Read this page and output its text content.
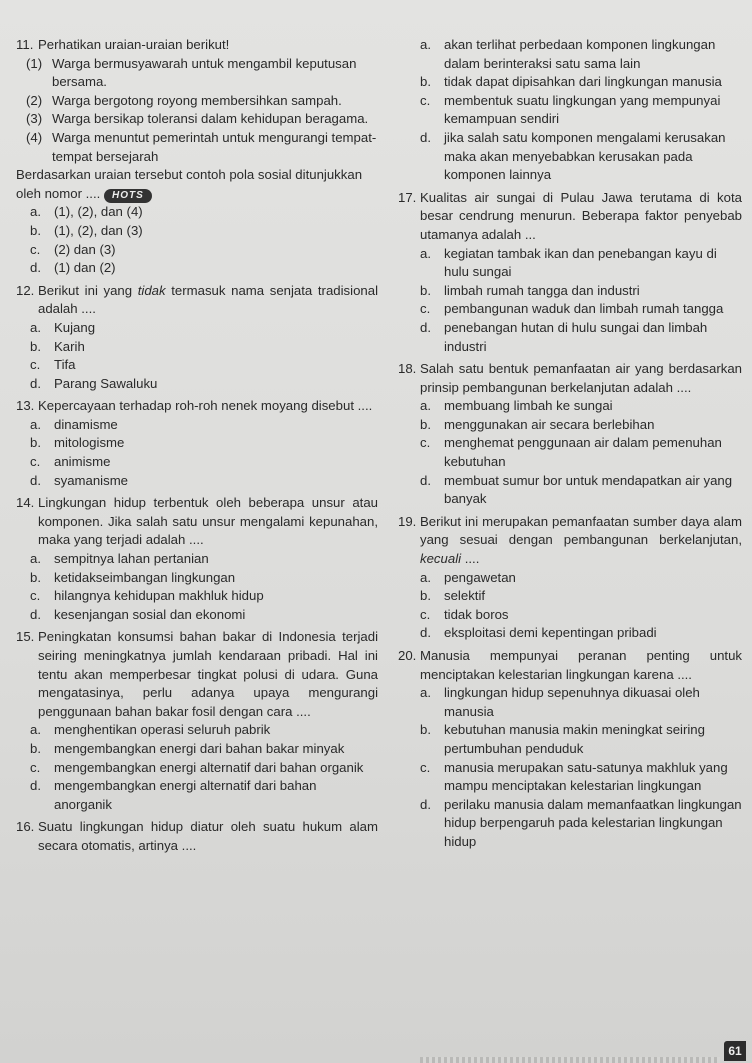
11. Perhatikan uraian-uraian berikut!
(1) Warga bermusyawarah untuk mengambil keputusan bersama.
(2) Warga bergotong royong membersihkan sampah.
(3) Warga bersikap toleransi dalam kehidupan beragama.
(4) Warga menuntut pemerintah untuk mengurangi tempat-tempat bersejarah
Berdasarkan uraian tersebut contoh pola sosial ditunjukkan oleh nomor .... HOTS
a. (1), (2), dan (4)
b. (1), (2), dan (3)
c.	(2) dan (3)
d. (1) dan (2)
12. Berikut ini yang tidak termasuk nama senjata tradisional adalah ....
a. Kujang
b. Karih
c.	Tifa
d. Parang Sawaluku
13. Kepercayaan terhadap roh-roh nenek moyang disebut ....
a. dinamisme
b. mitologisme
c.	animisme
d. syamanisme
14. Lingkungan hidup terbentuk oleh beberapa unsur atau komponen. Jika salah satu unsur mengalami kepunahan, maka yang terjadi adalah ....
a. sempitnya lahan pertanian
b. ketidakseimbangan lingkungan
c.	hilangnya kehidupan makhluk hidup
d. kesenjangan sosial dan ekonomi
15. Peningkatan konsumsi bahan bakar di Indonesia terjadi seiring meningkatnya jumlah kendaraan pribadi. Hal ini tentu akan memperbesar tingkat polusi di udara. Guna mengatasinya, perlu adanya upaya mengurangi penggunaan bahan bakar fosil dengan cara ....
a. menghentikan operasi seluruh pabrik
b. mengembangkan energi dari bahan bakar minyak
c.	mengembangkan energi alternatif dari bahan organik
d. mengembangkan energi alternatif dari bahan anorganik
16. Suatu lingkungan hidup diatur oleh suatu hukum alam secara otomatis, artinya ....
a. akan terlihat perbedaan komponen lingkungan dalam berinteraksi satu sama lain
b. tidak dapat dipisahkan dari lingkungan manusia
c.	membentuk suatu lingkungan yang mempunyai kemampuan sendiri
d. jika salah satu komponen mengalami kerusakan maka akan menyebabkan kerusakan pada komponen lainnya
17. Kualitas air sungai di Pulau Jawa terutama di kota besar cendrung menurun. Beberapa faktor penyebab utamanya adalah ...
a. kegiatan tambak ikan dan penebangan kayu di hulu sungai
b. limbah rumah tangga dan industri
c.	pembangunan waduk dan limbah rumah tangga
d. penebangan hutan di hulu sungai dan limbah industri
18. Salah satu bentuk pemanfaatan air yang berdasarkan prinsip pembangunan berkelanjutan adalah ....
a. membuang limbah ke sungai
b. menggunakan air secara berlebihan
c.	menghemat penggunaan air dalam pemenuhan kebutuhan
d. membuat sumur bor untuk mendapatkan air yang banyak
19. Berikut ini merupakan pemanfaatan sumber daya alam yang sesuai dengan pembangunan berkelanjutan, kecuali ....
a. pengawetan
b. selektif
c.	tidak boros
d. eksploitasi demi kepentingan pribadi
20. Manusia mempunyai peranan penting untuk menciptakan kelestarian lingkungan karena ....
a. lingkungan hidup sepenuhnya dikuasai oleh manusia
b. kebutuhan manusia makin meningkat seiring pertumbuhan penduduk
c.	manusia merupakan satu-satunya makhluk yang mampu menciptakan kelestarian lingkungan
d. perilaku manusia dalam memanfaatkan lingkungan hidup berpengaruh pada kelestarian lingkungan hidup
61
